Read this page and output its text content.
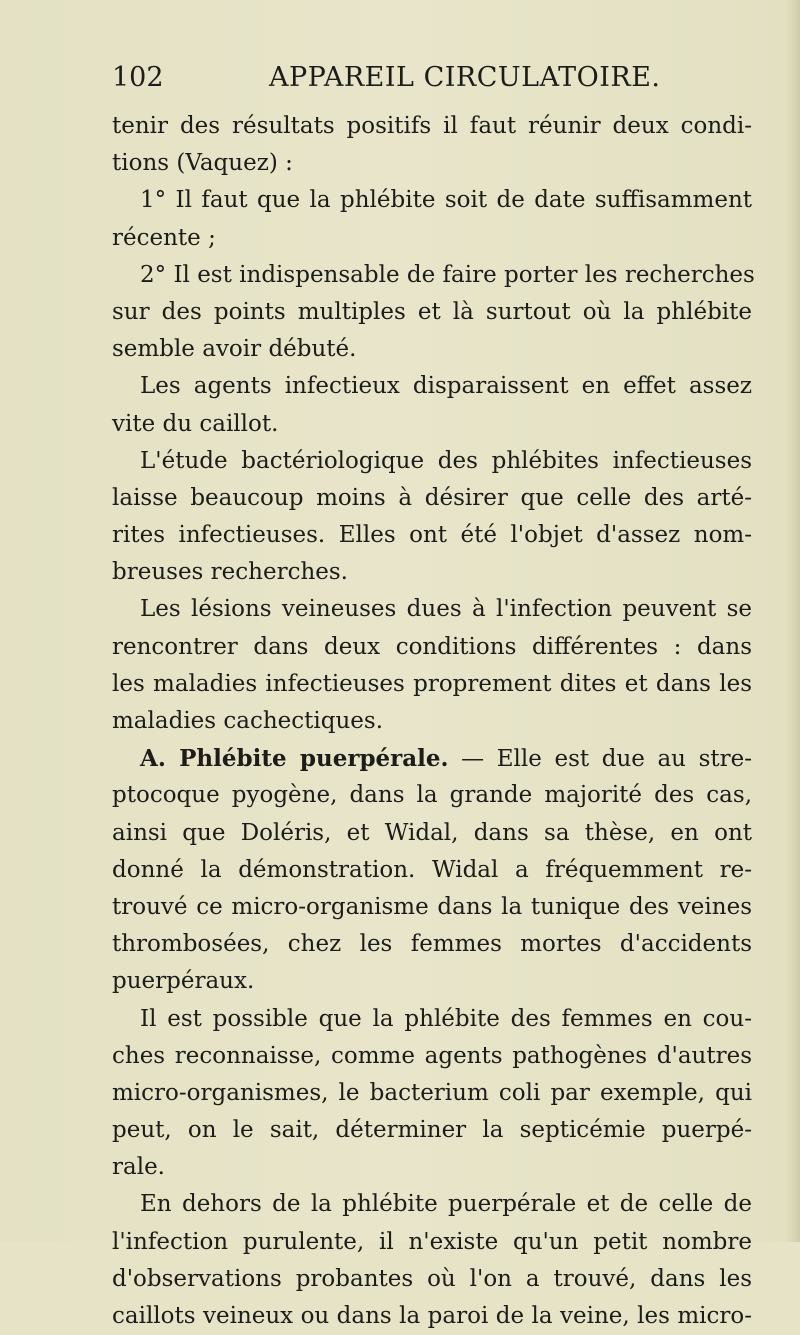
102	APPAREIL CIRCULATOIRE.
tenir des résultats positifs il faut réunir deux condi-
tions (Vaquez) :
1° Il faut que la phlébite soit de date suffisamment
récente ;
2° Il est indispensable de faire porter les recherches
sur des points multiples et là surtout où la phlébite
semble avoir débuté.
Les agents infectieux disparaissent en effet assez
vite du caillot.
L'étude bactériologique des phlébites infectieuses
laisse beaucoup moins à désirer que celle des arté-
rites infectieuses. Elles ont été l'objet d'assez nom-
breuses recherches.
Les lésions veineuses dues à l'infection peuvent se
rencontrer dans deux conditions différentes : dans
les maladies infectieuses proprement dites et dans les
maladies cachectiques.
A. Phlébite puerpérale. — Elle est due au stre-
ptocoque pyogène, dans la grande majorité des cas,
ainsi que Doléris, et Widal, dans sa thèse, en ont
donné la démonstration. Widal a fréquemment re-
trouvé ce micro-organisme dans la tunique des veines
thrombosées, chez les femmes mortes d'accidents
puerpéraux.
Il est possible que la phlébite des femmes en cou-
ches reconnaisse, comme agents pathogènes d'autres
micro-organismes, le bacterium coli par exemple, qui
peut, on le sait, déterminer la septicémie puerpé-
rale.
En dehors de la phlébite puerpérale et de celle de
l'infection purulente, il n'existe qu'un petit nombre
d'observations probantes où l'on a trouvé, dans les
caillots veineux ou dans la paroi de la veine, les micro-
